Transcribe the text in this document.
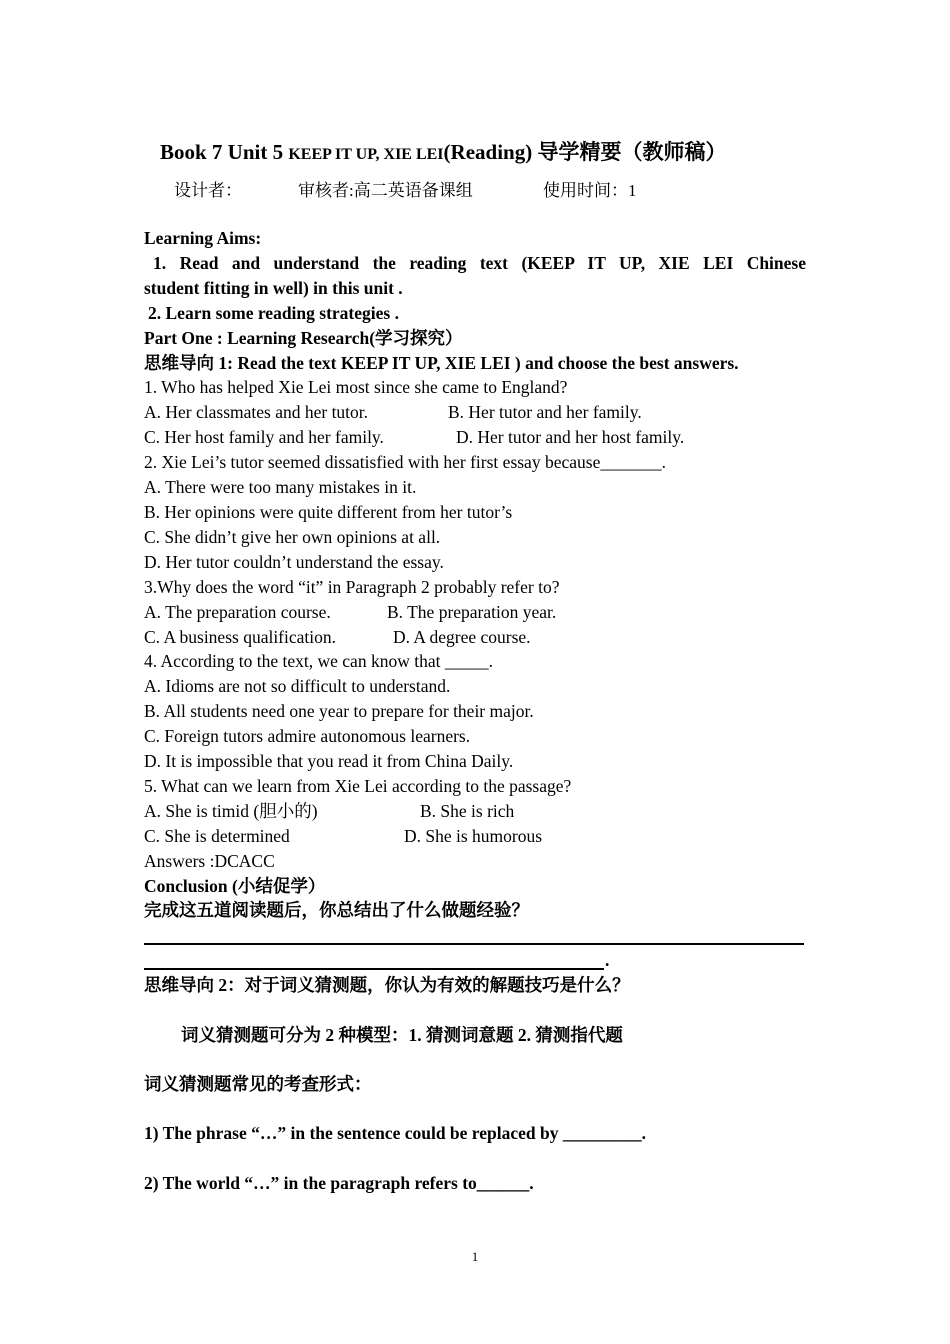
Book 7 Unit 5 KEEP IT UP, XIE LEI(Reading) 导学精要（教师稿）
设计者：	审核者:高二英语备课组	使用时间：1
Learning Aims:
1. Read and understand the reading text (KEEP IT UP, XIE LEI Chinese
student fitting in well) in this unit .
2. Learn some reading strategies .
Part One : Learning Research(学习探究）
思维导向 1: Read the text KEEP IT UP, XIE LEI ) and choose the best answers.
1. Who has helped Xie Lei most since she came to England?
A. Her classmates and her tutor.	B. Her tutor and her family.
C. Her host family and her family.	D. Her tutor and her host family.
2. Xie Lei’s tutor seemed dissatisfied with her first essay because_______.
A. There were too many mistakes in it.
B. Her opinions were quite different from her tutor’s
C. She didn’t give her own opinions at all.
D. Her tutor couldn’t understand the essay.
3.Why does the word “it” in Paragraph 2 probably refer to?
A. The preparation course.	B. The preparation year.
C. A business qualification.	D. A degree course.
4. According to the text, we can know that _____.
A. Idioms are not so difficult to understand.
B. All students need one year to prepare for their major.
C. Foreign tutors admire autonomous learners.
D. It is impossible that you read it from China Daily.
5. What can we learn from Xie Lei according to the passage?
A. She is timid (胆小的)	B. She is rich
C. She is determined	D. She is humorous
Answers :DCACC
Conclusion (小结促学）
完成这五道阅读题后，你总结出了什么做题经验？
.
思维导向 2：对于词义猜测题，你认为有效的解题技巧是什么？
词义猜测题可分为 2 种模型：1. 猜测词意题 2. 猜测指代题
词义猜测题常见的考查形式：
1) The phrase “…” in the sentence could be replaced by _________.
2) The world “…” in the paragraph refers to______.
1
